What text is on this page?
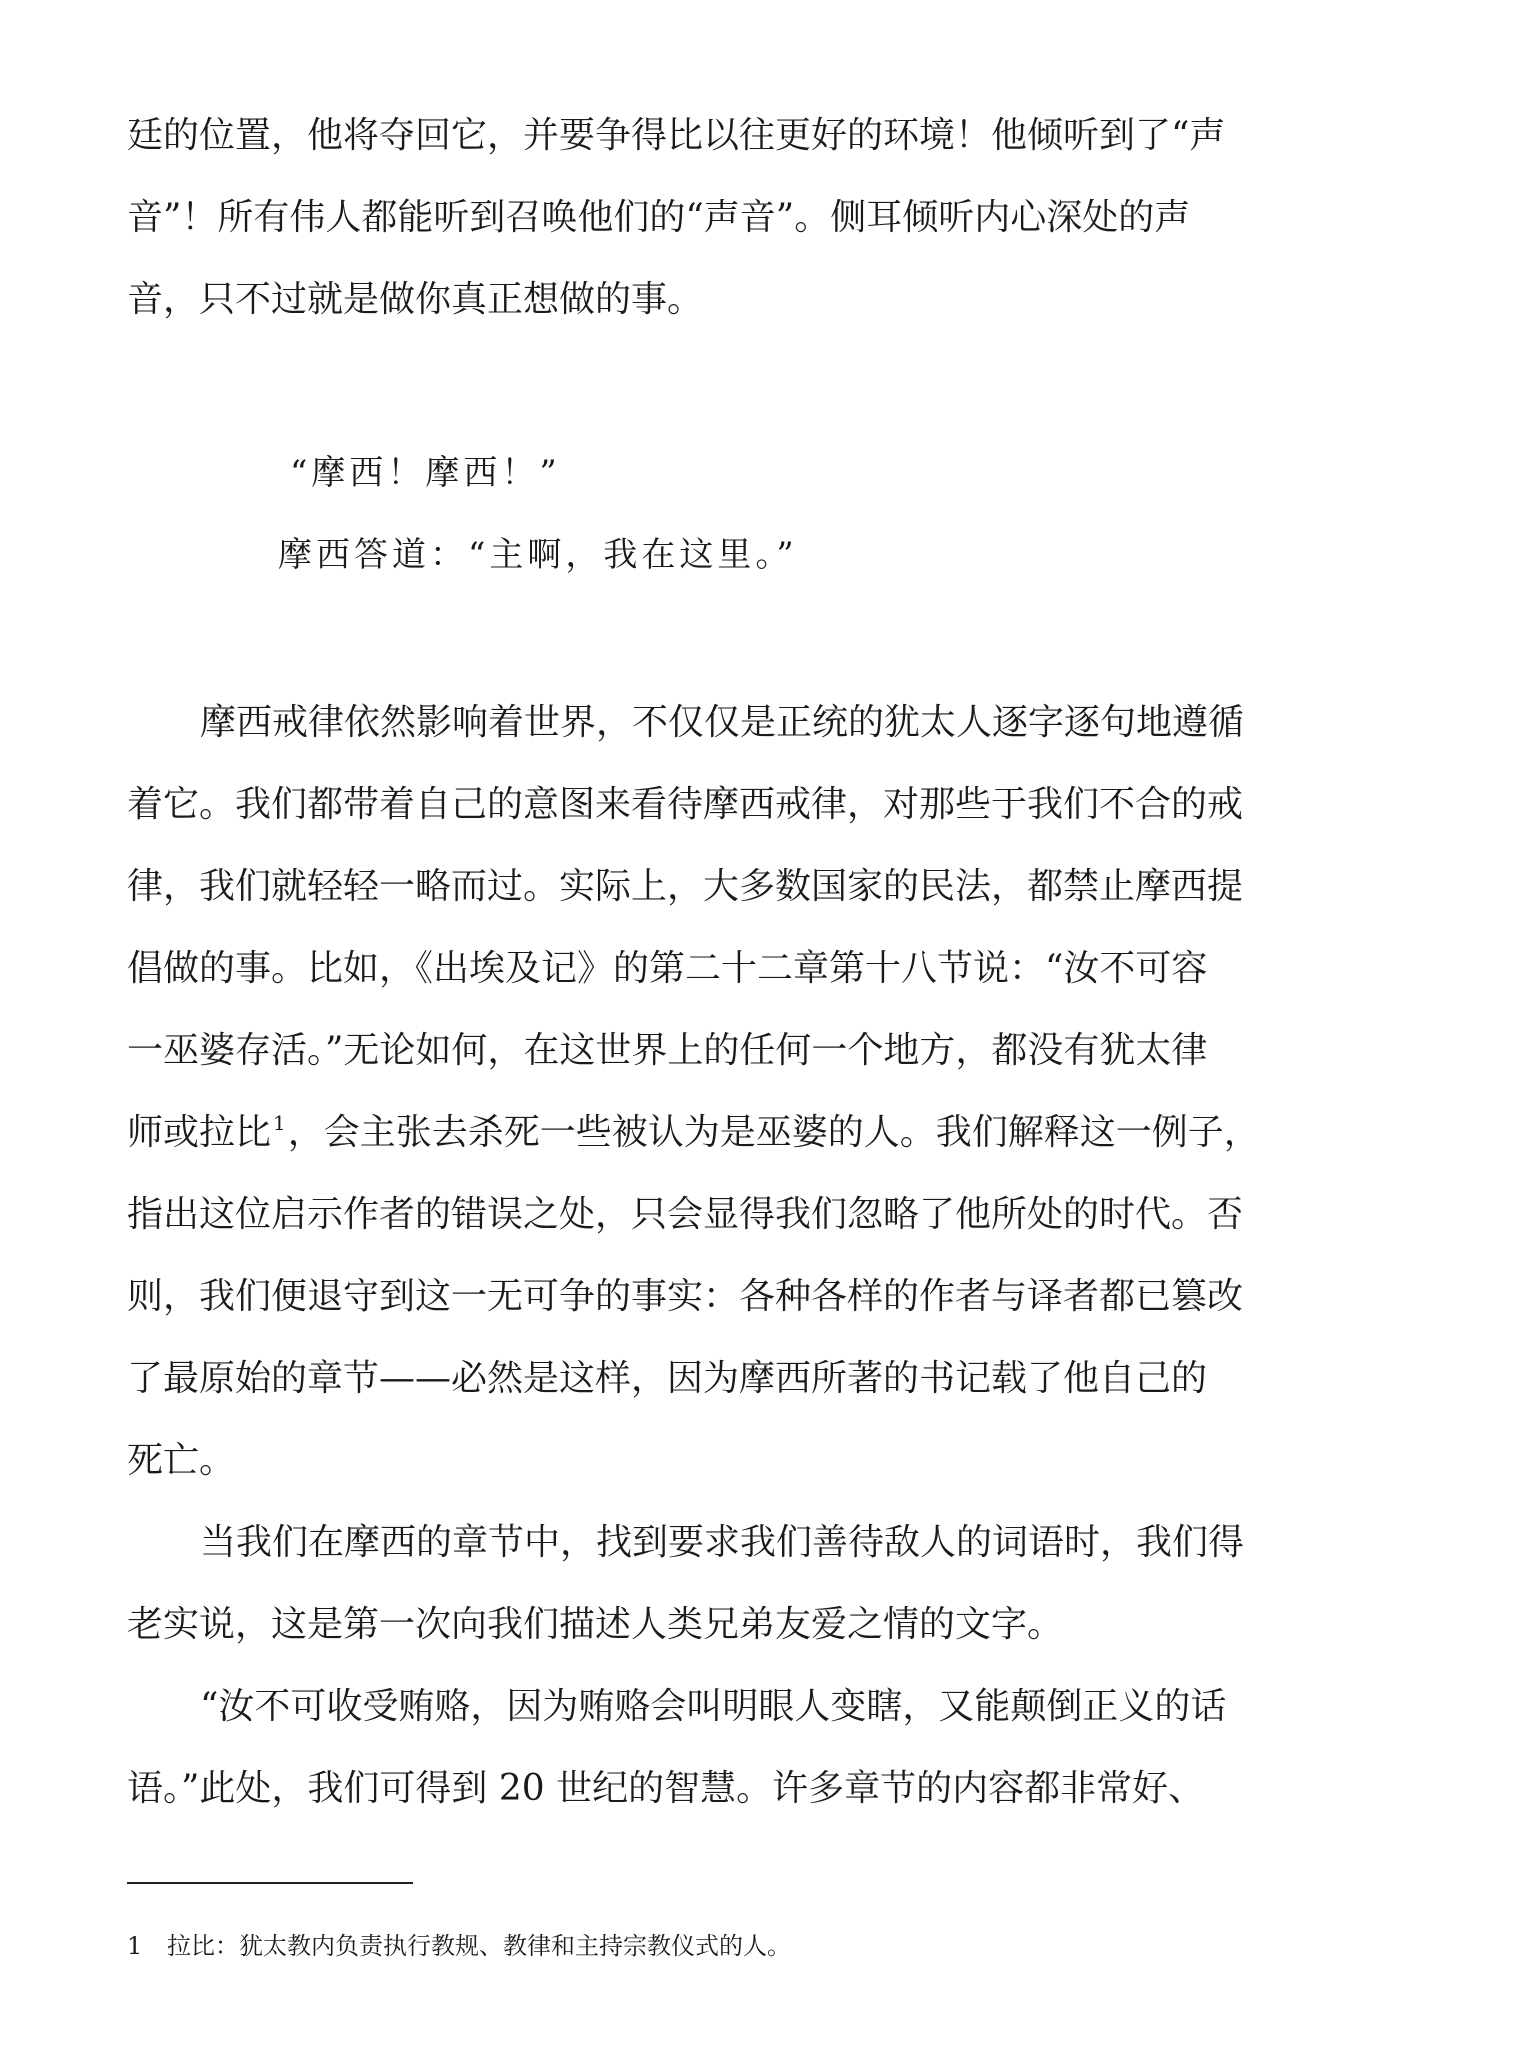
廷的位置，他将夺回它，并要争得比以往更好的环境！他倾听到了“声
音”！所有伟人都能听到召唤他们的“声音”。侧耳倾听内心深处的声
音，只不过就是做你真正想做的事。
“摩西！摩西！”
摩西答道：“主啊，我在这里。”
摩西戒律依然影响着世界，不仅仅是正统的犹太人逐字逐句地遵循
着它。我们都带着自己的意图来看待摩西戒律，对那些于我们不合的戒
律，我们就轻轻一略而过。实际上，大多数国家的民法，都禁止摩西提
倡做的事。比如，《出埃及记》的第二十二章第十八节说：“汝不可容
一巫婆存活。”无论如何，在这世界上的任何一个地方，都没有犹太律
师或拉比 $^1$，会主张去杀死一些被认为是巫婆的人。我们解释这一例子，
指出这位启示作者的错误之处，只会显得我们忽略了他所处的时代。否
则，我们便退守到这一无可争的事实：各种各样的作者与译者都已篡改
了最原始的章节——必然是这样，因为摩西所著的书记载了他自己的
死亡。
当我们在摩西的章节中，找到要求我们善待敌人的词语时，我们得
老实说，这是第一次向我们描述人类兄弟友爱之情的文字。
“汝不可收受贿赂，因为贿赂会叫明眼人变瞎，又能颠倒正义的话
语。”此处，我们可得到 20 世纪的智慧。许多章节的内容都非常好、
1 拉比：犹太教内负责执行教规、教律和主持宗教仪式的人。
